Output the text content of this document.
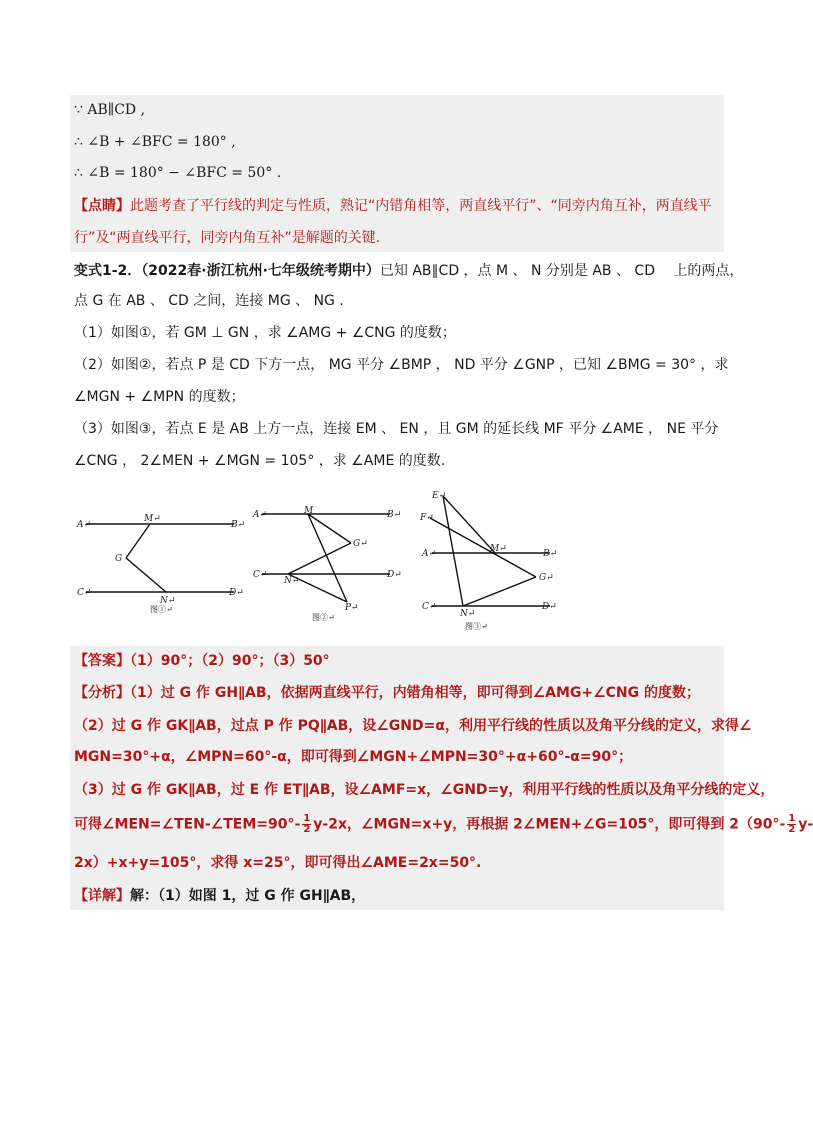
∵ AB∥CD ,
∴ ∠B + ∠BFC = 180° ,
∴ ∠B = 180° − ∠BFC = 50° .
【点睛】此题考查了平行线的判定与性质，熟记“内错角相等，两直线平行”、“同旁内角互补，两直线平
行”及“两直线平行，同旁内角互补”是解题的关键.
变式1-2．（2022春·浙江杭州·七年级统考期中）已知 AB∥CD ，点 M 、 N 分别是 AB 、 CD 　上的两点，
点 G 在 AB 、 CD 之间，连接 MG 、 NG .
（1）如图①，若 GM ⊥ GN ，求 ∠AMG + ∠CNG 的度数；
（2）如图②，若点 P 是 CD 下方一点， MG 平分 ∠BMP ， ND 平分 ∠GNP ，已知 ∠BMG = 30° ，求
∠MGN + ∠MPN 的度数；
（3）如图③，若点 E 是 AB 上方一点，连接 EM 、 EN ，且 GM 的延长线 MF 平分 ∠AME ， NE 平分
∠CNG ， 2∠MEN + ∠MGN = 105° ，求 ∠AME 的度数.
A↵
M↵
B↵
G
C↵
N↵
D↵
图①↵
A↵	M	B↵
G↵
C↵
N↵
D↵
P↵
图②↵
E↵
F↵
A↵	M↵	B↵
G↵
C↵
N↵
D↵
图③↵
【答案】（1）90°；（2）90°；（3）50°
【分析】（1）过 G 作 GH∥AB，依据两直线平行，内错角相等，即可得到∠AMG+∠CNG 的度数；
（2）过 G 作 GK∥AB，过点 P 作 PQ∥AB，设∠GND=α，利用平行线的性质以及角平分线的定义，求得∠
MGN=30°+α，∠MPN=60°-α，即可得到∠MGN+∠MPN=30°+α+60°-α=90°；
（3）过 G 作 GK∥AB，过 E 作 ET∥AB，设∠AMF=x，∠GND=y，利用平行线的性质以及角平分线的定义，
可得∠MEN=∠TEN-∠TEM=90°- $\frac{1}{2} y-2x$，∠MGN=x+y，再根据 2∠MEN+∠G=105°，即可得到 $2(90^\circ- \frac{1}{2} y-$
2x）+x+y=105°，求得 x=25°，即可得出∠AME=2x=50°.
【详解】解：（1）如图 1，过 G 作 GH∥AB，
